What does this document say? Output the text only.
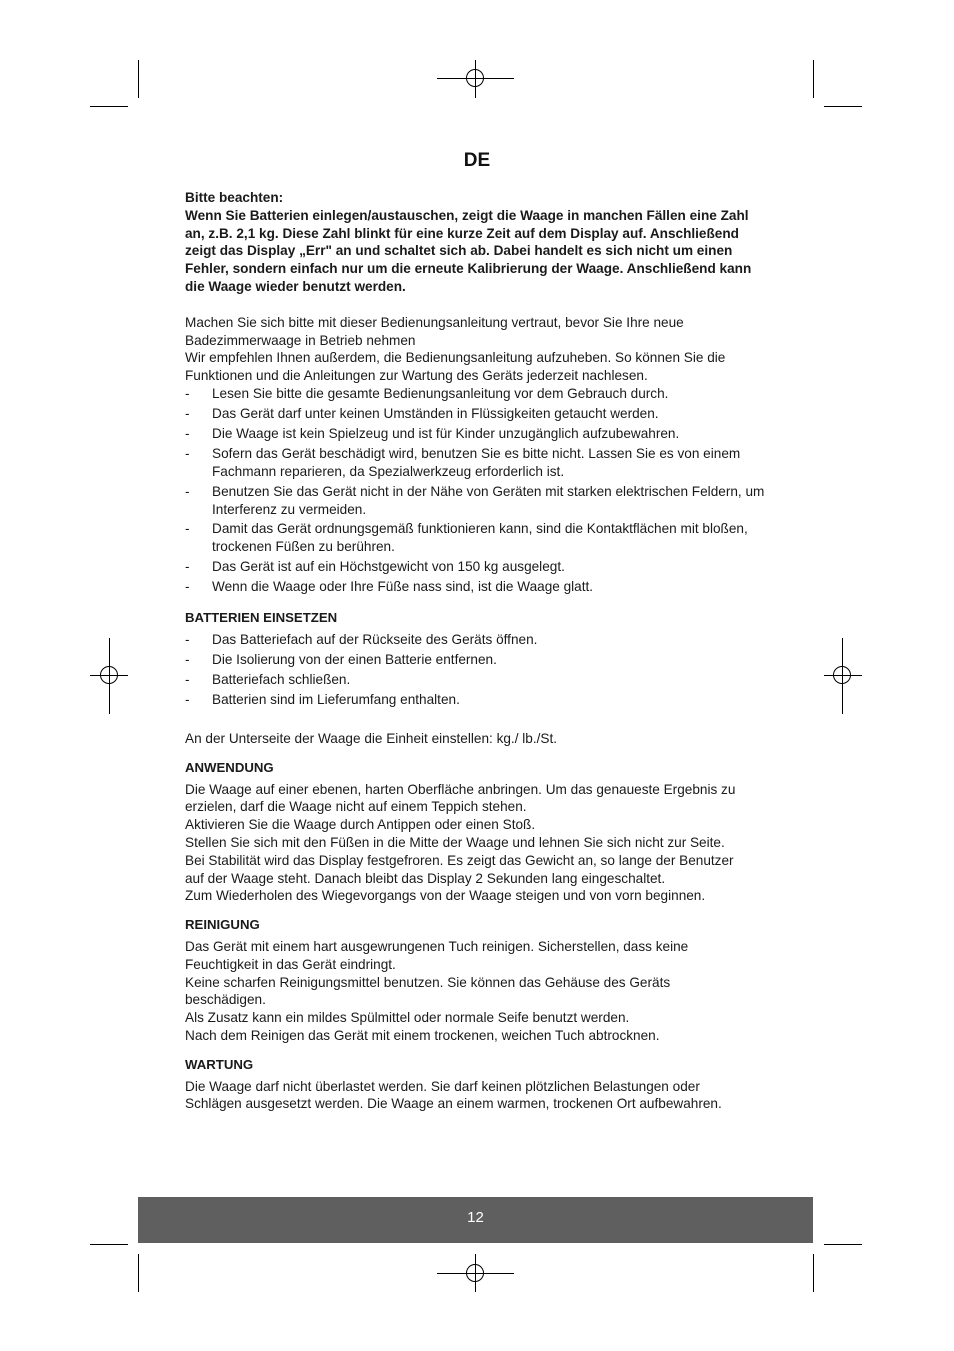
DE

Bitte beachten:

Wenn Sie Batterien einlegen/austauschen, zeigt die Waage in manchen Fällen eine Zahl

an, z.B. 2,1 kg. Diese Zahl blinkt für eine kurze Zeit auf dem Display auf. Anschließend

zeigt das Display „Err" an und schaltet sich ab. Dabei handelt es sich nicht um einen

Fehler, sondern einfach nur um die erneute Kalibrierung der Waage. Anschließend kann

die Waage wieder benutzt werden.

Machen Sie sich bitte mit dieser Bedienungsanleitung vertraut, bevor Sie Ihre neue

Badezimmerwaage in Betrieb nehmen

Wir empfehlen Ihnen außerdem, die Bedienungsanleitung aufzuheben. So können Sie die

Funktionen und die Anleitungen zur Wartung des Geräts jederzeit nachlesen.

- Lesen Sie bitte die gesamte Bedienungsanleitung vor dem Gebrauch durch.
- Das Gerät darf unter keinen Umständen in Flüssigkeiten getaucht werden.
- Die Waage ist kein Spielzeug und ist für Kinder unzugänglich aufzubewahren.
- Sofern das Gerät beschädigt wird, benutzen Sie es bitte nicht. Lassen Sie es von einem Fachmann reparieren, da Spezialwerkzeug erforderlich ist.
- Benutzen Sie das Gerät nicht in der Nähe von Geräten mit starken elektrischen Feldern, um Interferenz zu vermeiden.
- Damit das Gerät ordnungsgemäß funktionieren kann, sind die Kontaktflächen mit bloßen, trockenen Füßen zu berühren.
- Das Gerät ist auf ein Höchstgewicht von 150 kg ausgelegt.
- Wenn die Waage oder Ihre Füße nass sind, ist die Waage glatt.

BATTERIEN EINSETZEN

- Das Batteriefach auf der Rückseite des Geräts öffnen.
- Die Isolierung von der einen Batterie entfernen.
- Batteriefach schließen.
- Batterien sind im Lieferumfang enthalten.

An der Unterseite der Waage die Einheit einstellen: kg./ lb./St.

ANWENDUNG

Die Waage auf einer ebenen, harten Oberfläche anbringen. Um das genaueste Ergebnis zu

erzielen, darf die Waage nicht auf einem Teppich stehen.

Aktivieren Sie die Waage durch Antippen oder einen Stoß.

Stellen Sie sich mit den Füßen in die Mitte der Waage und lehnen Sie sich nicht zur Seite.

Bei Stabilität wird das Display festgefroren. Es zeigt das Gewicht an, so lange der Benutzer

auf der Waage steht. Danach bleibt das Display 2 Sekunden lang eingeschaltet.

Zum Wiederholen des Wiegevorgangs von der Waage steigen und von vorn beginnen.

REINIGUNG

Das Gerät mit einem hart ausgewrungenen Tuch reinigen. Sicherstellen, dass keine

Feuchtigkeit in das Gerät eindringt.

Keine scharfen Reinigungsmittel benutzen. Sie können das Gehäuse des Geräts

beschädigen.

Als Zusatz kann ein mildes Spülmittel oder normale Seife benutzt werden.

Nach dem Reinigen das Gerät mit einem trockenen, weichen Tuch abtrocknen.

WARTUNG

Die Waage darf nicht überlastet werden. Sie darf keinen plötzlichen Belastungen oder

Schlägen ausgesetzt werden. Die Waage an einem warmen, trockenen Ort aufbewahren.

12
